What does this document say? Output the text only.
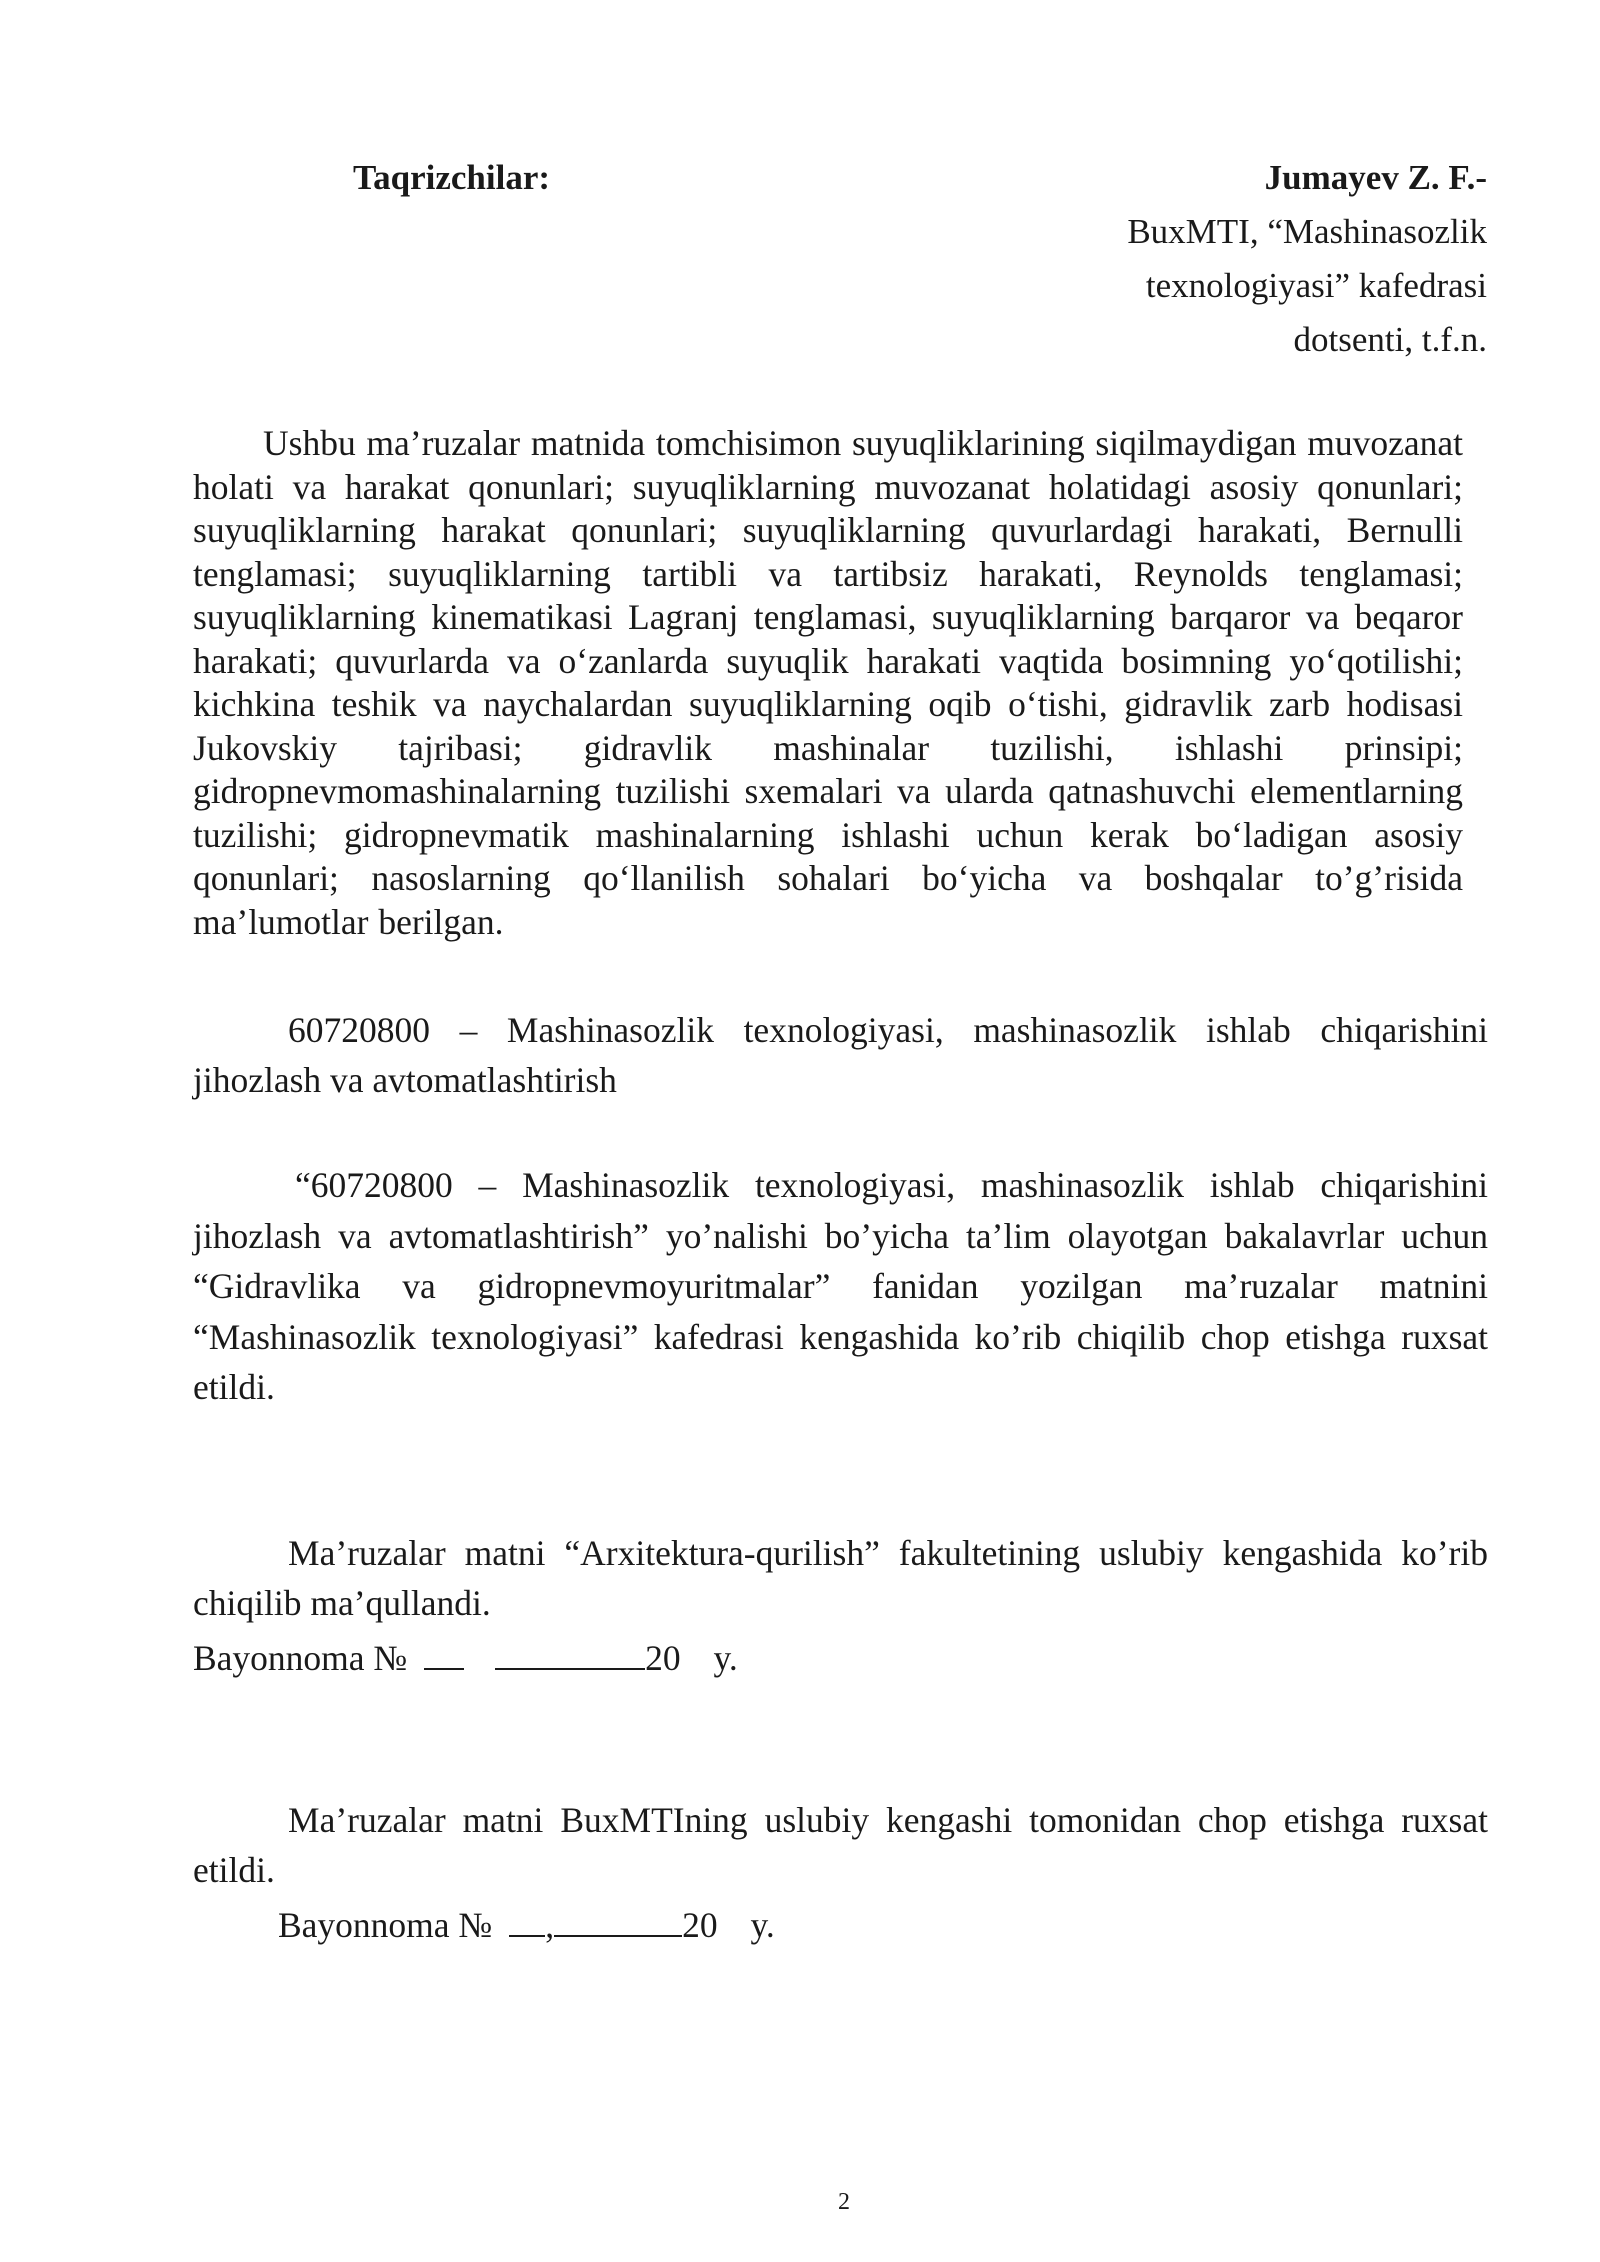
Taqrizchilar:	Jumayev Z. F.-
BuxMTI, “Mashinasozlik
texnologiyasi” kafedrasi
dotsenti, t.f.n.
Ushbu ma’ruzalar matnida tomchisimon suyuqliklarining siqilmaydigan muvozanat holati va harakat qonunlari; suyuqliklarning muvozanat holatidagi asosiy qonunlari; suyuqliklarning harakat qonunlari; suyuqliklarning quvurlardagi harakati, Bernulli tenglamasi; suyuqliklarning tartibli va tartibsiz harakati, Reynolds tenglamasi; suyuqliklarning kinematikasi Lagranj tenglamasi, suyuqliklarning barqaror va beqaror harakati; quvurlarda va o‘zanlarda suyuqlik harakati vaqtida bosimning yo‘qotilishi; kichkina teshik va naychalardan suyuqliklarning oqib o‘tishi, gidravlik zarb hodisasi Jukovskiy tajribasi; gidravlik mashinalar tuzilishi, ishlashi prinsipi; gidropnevmomashinalarning tuzilishi sxemalari va ularda qatnashuvchi elementlarning tuzilishi; gidropnevmatik mashinalarning ishlashi uchun kerak bo‘ladigan asosiy qonunlari; nasoslarning qo‘llanilish sohalari bo‘yicha va boshqalar to’g’risida ma’lumotlar berilgan.
60720800 – Mashinasozlik texnologiyasi, mashinasozlik ishlab chiqarishini jihozlash va avtomatlashtirish
“60720800 – Mashinasozlik texnologiyasi, mashinasozlik ishlab chiqarishini jihozlash va avtomatlashtirish” yo’nalishi bo’yicha ta’lim olayotgan bakalavrlar uchun “Gidravlika va gidropnevmoyuritmalar” fanidan yozilgan ma’ruzalar matnini “Mashinasozlik texnologiyasi” kafedrasi kengashida ko’rib chiqilib chop etishga ruxsat etildi.
Ma’ruzalar matni “Arxitektura-qurilish” fakultetining uslubiy kengashida ko’rib chiqilib ma’qullandi.
Bayonnoma №	20 y.
Ma’ruzalar matni BuxMTIning uslubiy kengashi tomonidan chop etishga ruxsat etildi.
Bayonnoma № ,	20 y.
2
